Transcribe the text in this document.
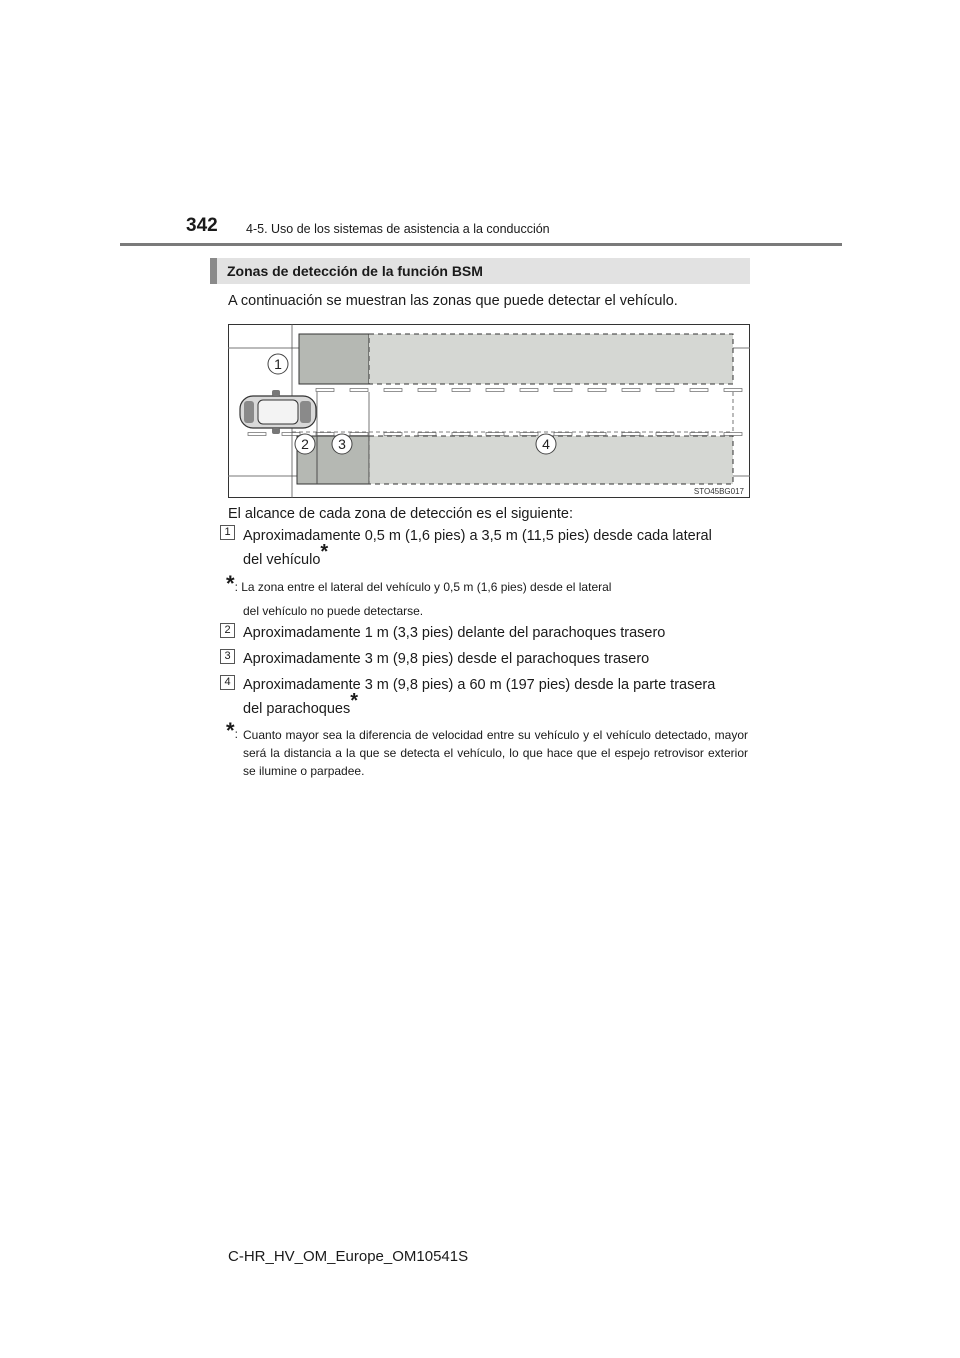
342 4-5. Uso de los sistemas de asistencia a la conducción
Zonas de detección de la función BSM
A continuación se muestran las zonas que puede detectar el vehículo.
1
2 3	4
STO45BG017
El alcance de cada zona de detección es el siguiente:
1 Aproximadamente 0,5 m (1,6 pies) a 3,5 m (11,5 pies) desde cada lateral
del vehículo*
*: La zona entre el lateral del vehículo y 0,5 m (1,6 pies) desde el lateral
del vehículo no puede detectarse.
2 Aproximadamente 1 m (3,3 pies) delante del parachoques trasero
3 Aproximadamente 3 m (9,8 pies) desde el parachoques trasero
4 Aproximadamente 3 m (9,8 pies) a 60 m (197 pies) desde la parte trasera
del parachoques*
*: Cuanto mayor sea la diferencia de velocidad entre su vehículo y el vehículo detectado, mayor será la distancia a la que se detecta el vehículo, lo que hace que el espejo retrovisor exterior se ilumine o parpadee.
C-HR_HV_OM_Europe_OM10541S
